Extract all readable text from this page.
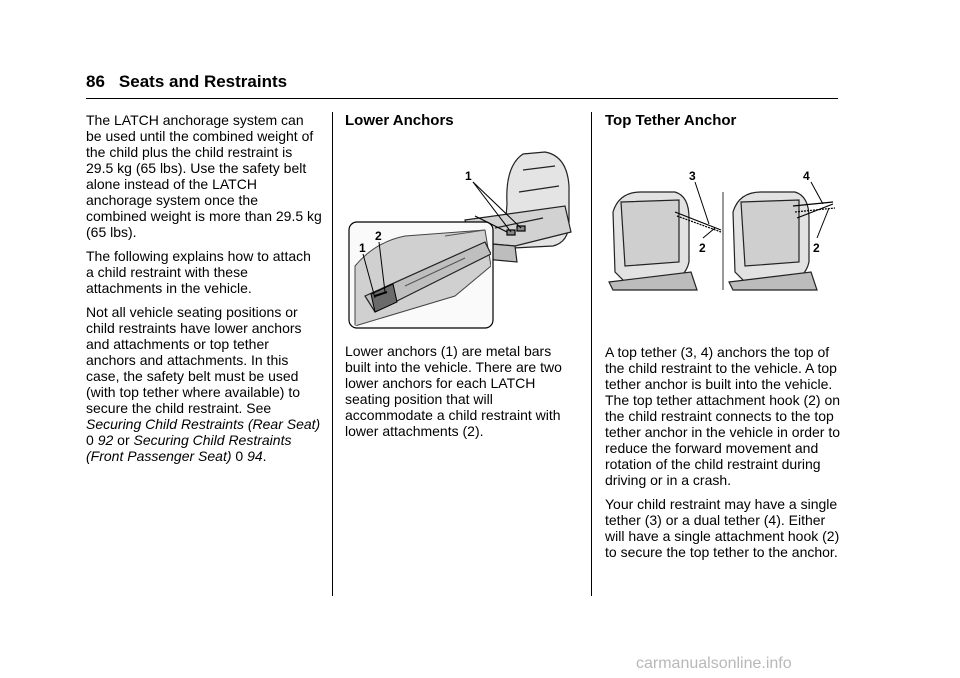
86 Seats and Restraints

The LATCH anchorage system can be used until the combined weight of the child plus the child restraint is 29.5 kg (65 lbs). Use the safety belt alone instead of the LATCH anchorage system once the combined weight is more than 29.5 kg (65 lbs).

The following explains how to attach a child restraint with these attachments in the vehicle.

Not all vehicle seating positions or child restraints have lower anchors and attachments or top tether anchors and attachments. In this case, the safety belt must be used (with top tether where available) to secure the child restraint. See Securing Child Restraints (Rear Seat) 0 92 or Securing Child Restraints (Front Passenger Seat) 0 94.

Lower Anchors
1
1
2
Lower anchors (1) are metal bars built into the vehicle. There are two lower anchors for each LATCH seating position that will accommodate a child restraint with lower attachments (2).
Top Tether Anchor
3	4
2	2

A top tether (3, 4) anchors the top of the child restraint to the vehicle. A top tether anchor is built into the vehicle. The top tether attachment hook (2) on the child restraint connects to the top tether anchor in the vehicle in order to reduce the forward movement and rotation of the child restraint during driving or in a crash.

Your child restraint may have a single tether (3) or a dual tether (4). Either will have a single attachment hook (2) to secure the top tether to the anchor.

carmanualsonline.info
